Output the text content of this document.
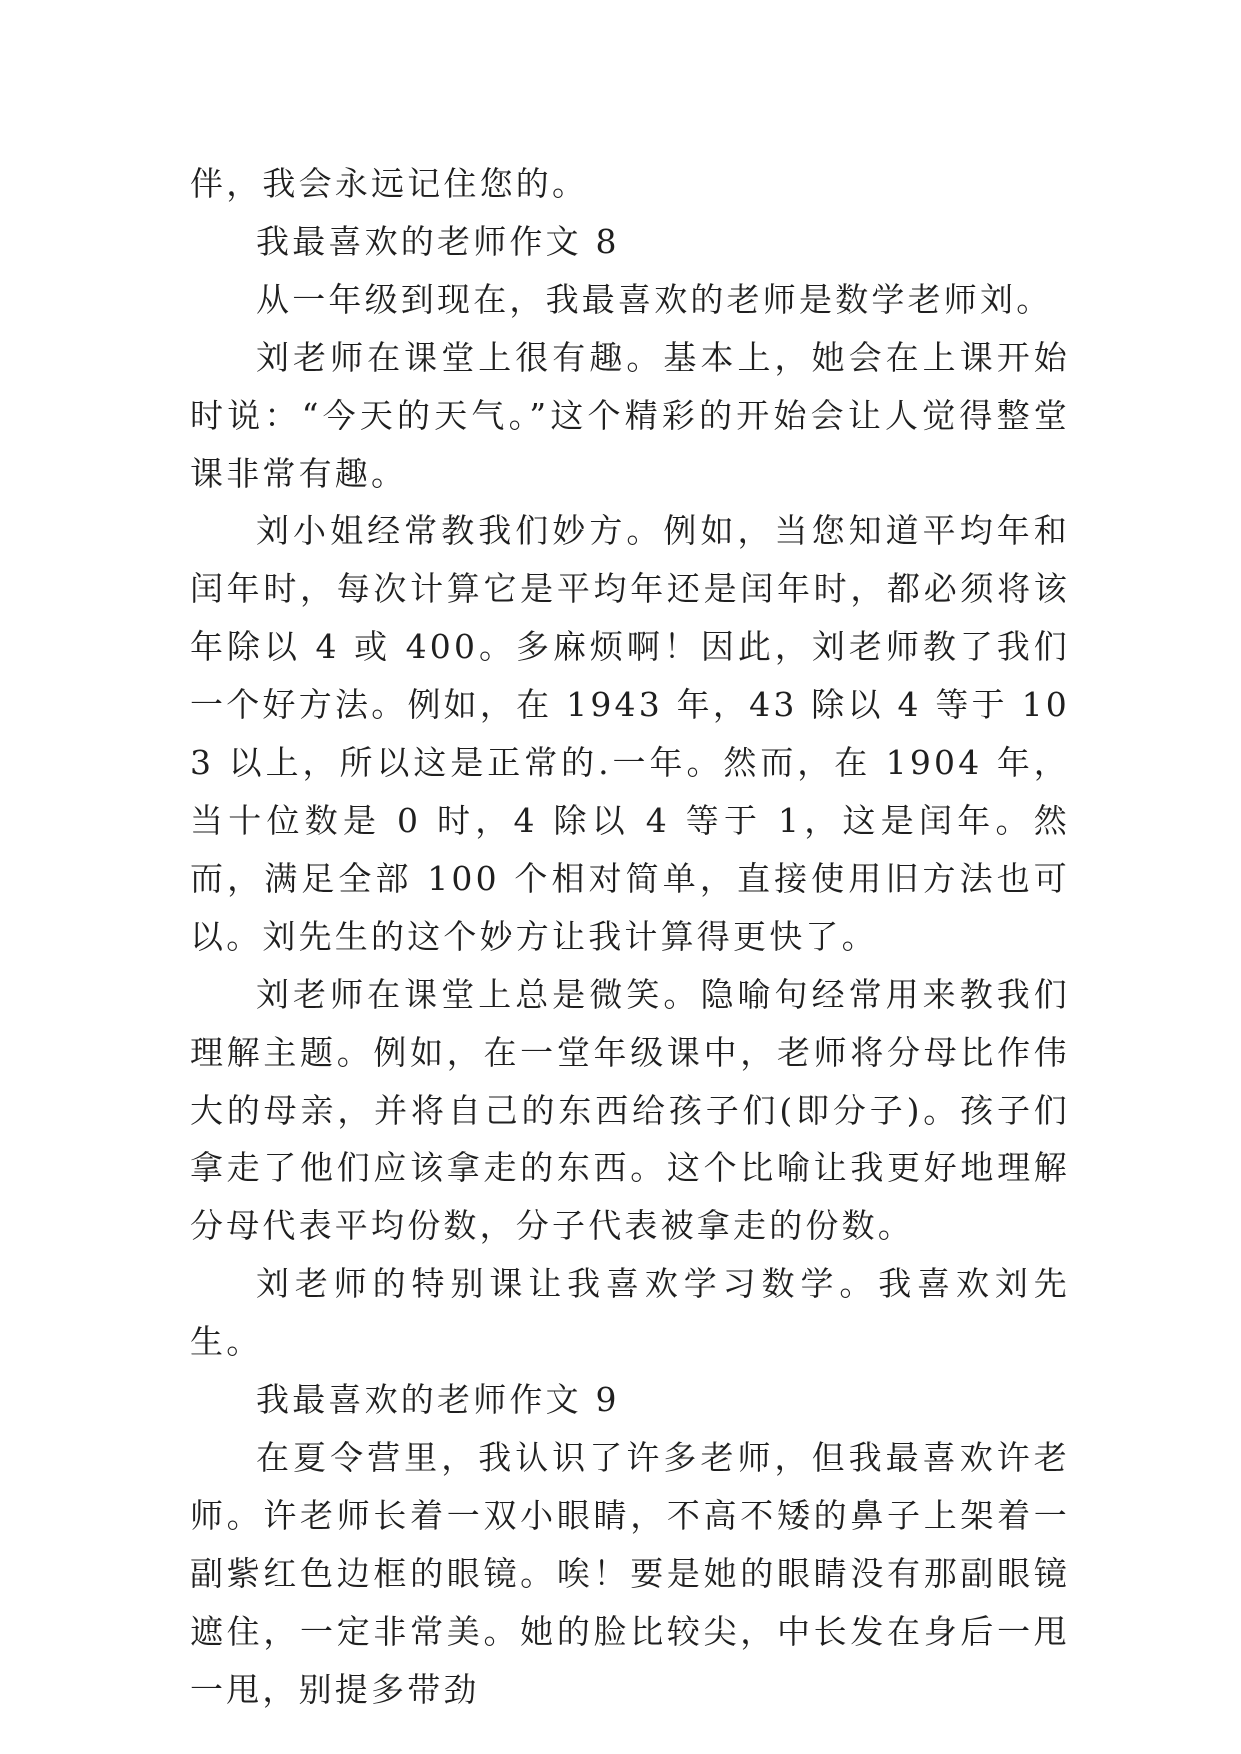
伴，我会永远记住您的。

我最喜欢的老师作文 8

从一年级到现在，我最喜欢的老师是数学老师刘。

刘老师在课堂上很有趣。基本上，她会在上课开始时说：“今天的天气。”这个精彩的开始会让人觉得整堂课非常有趣。

刘小姐经常教我们妙方。例如，当您知道平均年和闰年时，每次计算它是平均年还是闰年时，都必须将该年除以 4 或 400。多麻烦啊！因此，刘老师教了我们一个好方法。例如，在 1943 年，43 除以 4 等于 10 3 以上，所以这是正常的.一年。然而，在 1904 年，当十位数是 0 时，4 除以 4 等于 1，这是闰年。然而，满足全部 100 个相对简单，直接使用旧方法也可以。刘先生的这个妙方让我计算得更快了。

刘老师在课堂上总是微笑。隐喻句经常用来教我们理解主题。例如，在一堂年级课中，老师将分母比作伟大的母亲，并将自己的东西给孩子们(即分子)。孩子们拿走了他们应该拿走的东西。这个比喻让我更好地理解分母代表平均份数，分子代表被拿走的份数。

刘老师的特别课让我喜欢学习数学。我喜欢刘先生。

我最喜欢的老师作文 9

在夏令营里，我认识了许多老师，但我最喜欢许老师。许老师长着一双小眼睛，不高不矮的鼻子上架着一副紫红色边框的眼镜。唉！要是她的眼睛没有那副眼镜遮住，一定非常美。她的脸比较尖，中长发在身后一甩一甩，别提多带劲
